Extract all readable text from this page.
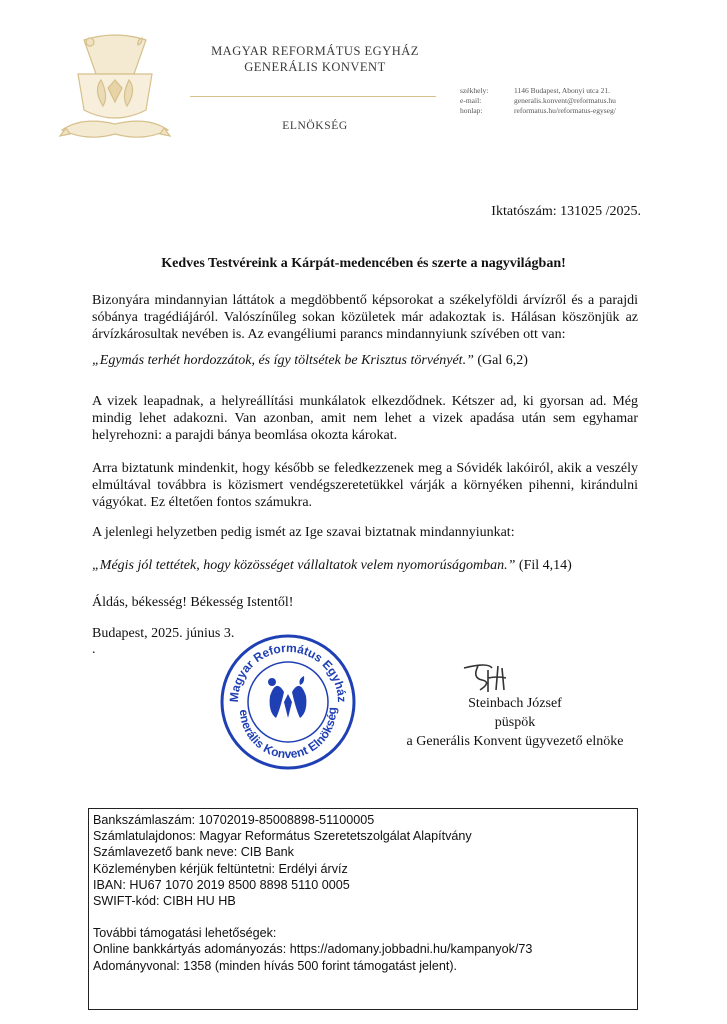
MAGYAR REFORMÁTUS EGYHÁZ
GENERÁLIS KONVENT
ELNÖKSÉG
székhely:	1146 Budapest, Abonyi utca 21.
e-mail:	generalis.konvent@reformatus.hu
honlap:	reformatus.hu/reformatus-egyseg/
Iktatószám: 131025 /2025.
Kedves Testvéreink a Kárpát-medencében és szerte a nagyvilágban!
Bizonyára mindannyian láttátok a megdöbbentő képsorokat a székelyföldi árvízről és a parajdi sóbánya tragédiájáról. Valószínűleg sokan közületek már adakoztak is. Hálásan köszönjük az árvízkárosultak nevében is. Az evangéliumi parancs mindannyiunk szívében ott van:
„Egymás terhét hordozzátok, és így töltsétek be Krisztus törvényét.” (Gal 6,2)
A vizek leapadnak, a helyreállítási munkálatok elkezdődnek. Kétszer ad, ki gyorsan ad. Még mindig lehet adakozni. Van azonban, amit nem lehet a vizek apadása után sem egyhamar helyrehozni: a parajdi bánya beomlása okozta károkat.
Arra biztatunk mindenkit, hogy később se feledkezzenek meg a Sóvidék lakóiról, akik a veszély elmúltával továbbra is közismert vendégszeretetükkel várják a környéken pihenni, kirándulni vágyókat. Ez éltetően fontos számukra.
A jelenlegi helyzetben pedig ismét az Ige szavai biztatnak mindannyiunkat:
„Mégis jól tettétek, hogy közösséget vállaltatok velem nyomorúságomban.” (Fil 4,14)
Áldás, békesség! Békesség Istentől!
Budapest, 2025. június 3.
.
Magyar Református Egyház
enerális Konvent Elnökség	Steinbach József
püspök
a Generális Konvent ügyvezető elnöke
Bankszámlaszám: 10702019-85008898-51100005
Számlatulajdonos: Magyar Református Szeretetszolgálat Alapítvány
Számlavezető bank neve: CIB Bank
Közleményben kérjük feltüntetni: Erdélyi árvíz
IBAN: HU67 1070 2019 8500 8898 5110 0005
SWIFT-kód: CIBH HU HB
További támogatási lehetőségek:
Online bankkártyás adományozás: https://adomany.jobbadni.hu/kampanyok/73
Adományvonal: 1358 (minden hívás 500 forint támogatást jelent).
